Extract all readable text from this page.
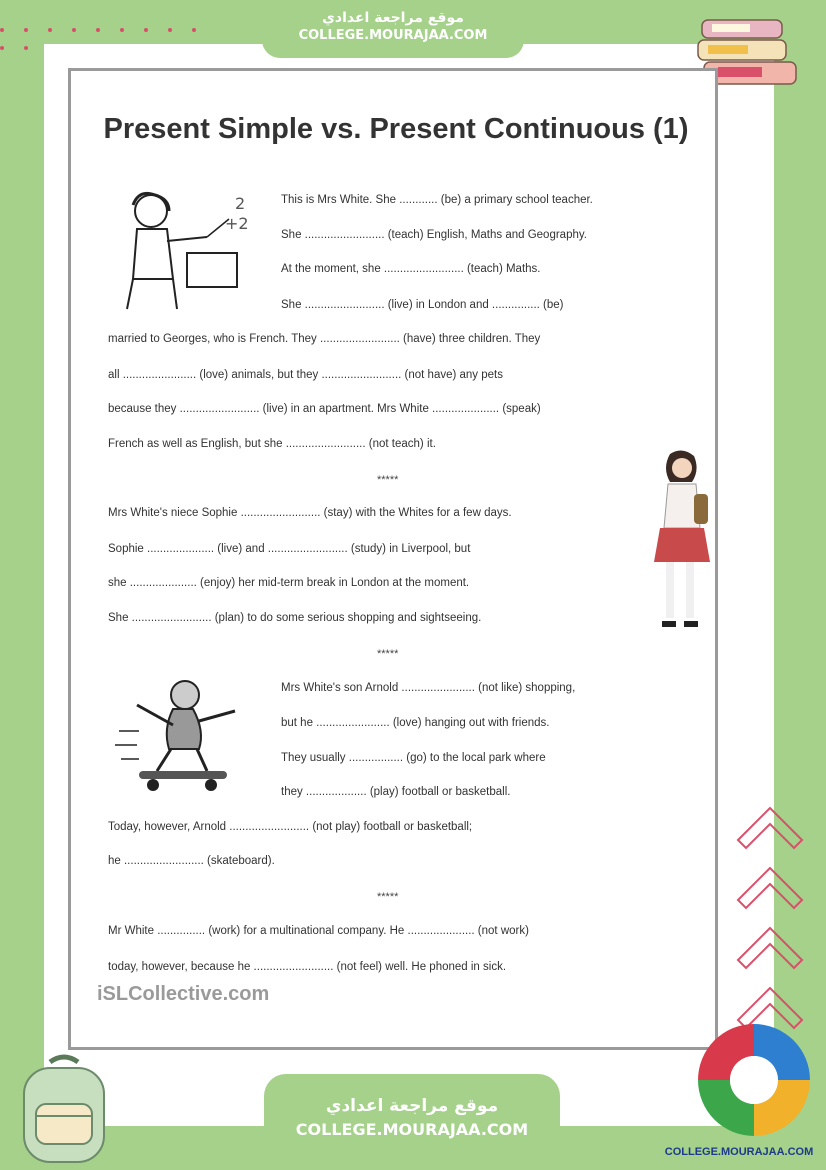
موقع مراجعة اعدادي
COLLEGE.MOURAJAA.COM
Present Simple vs. Present Continuous (1)
2
+2
This is Mrs White. She ............ (be) a primary school teacher.
She ......................... (teach) English, Maths and Geography.
At the moment, she ......................... (teach) Maths.
She ......................... (live) in London and ............... (be)
married to Georges, who is French. They ......................... (have) three children. They
all ....................... (love) animals, but they ......................... (not have) any pets
because they ......................... (live) in an apartment. Mrs White ..................... (speak)
French as well as English, but she ......................... (not teach) it.
*****
Mrs White's niece Sophie ......................... (stay) with the Whites for a few days.
Sophie ..................... (live) and ......................... (study) in Liverpool, but
she ..................... (enjoy) her mid-term break in London at the moment.
She ......................... (plan) to do some serious shopping and sightseeing.
*****
Mrs White's son Arnold ....................... (not like) shopping,
but he ....................... (love) hanging out with friends.
They usually ................. (go) to the local park where
they ................... (play) football or basketball.
Today, however, Arnold ......................... (not play) football or basketball;
he ......................... (skateboard).
*****
Mr White ............... (work) for a multinational company. He ..................... (not work)
today, however, because he ......................... (not feel) well. He phoned in sick.
iSLCollective.com
موقع مراجعة اعدادي
COLLEGE.MOURAJAA.COM
COLLEGE.MOURAJAA.COM
